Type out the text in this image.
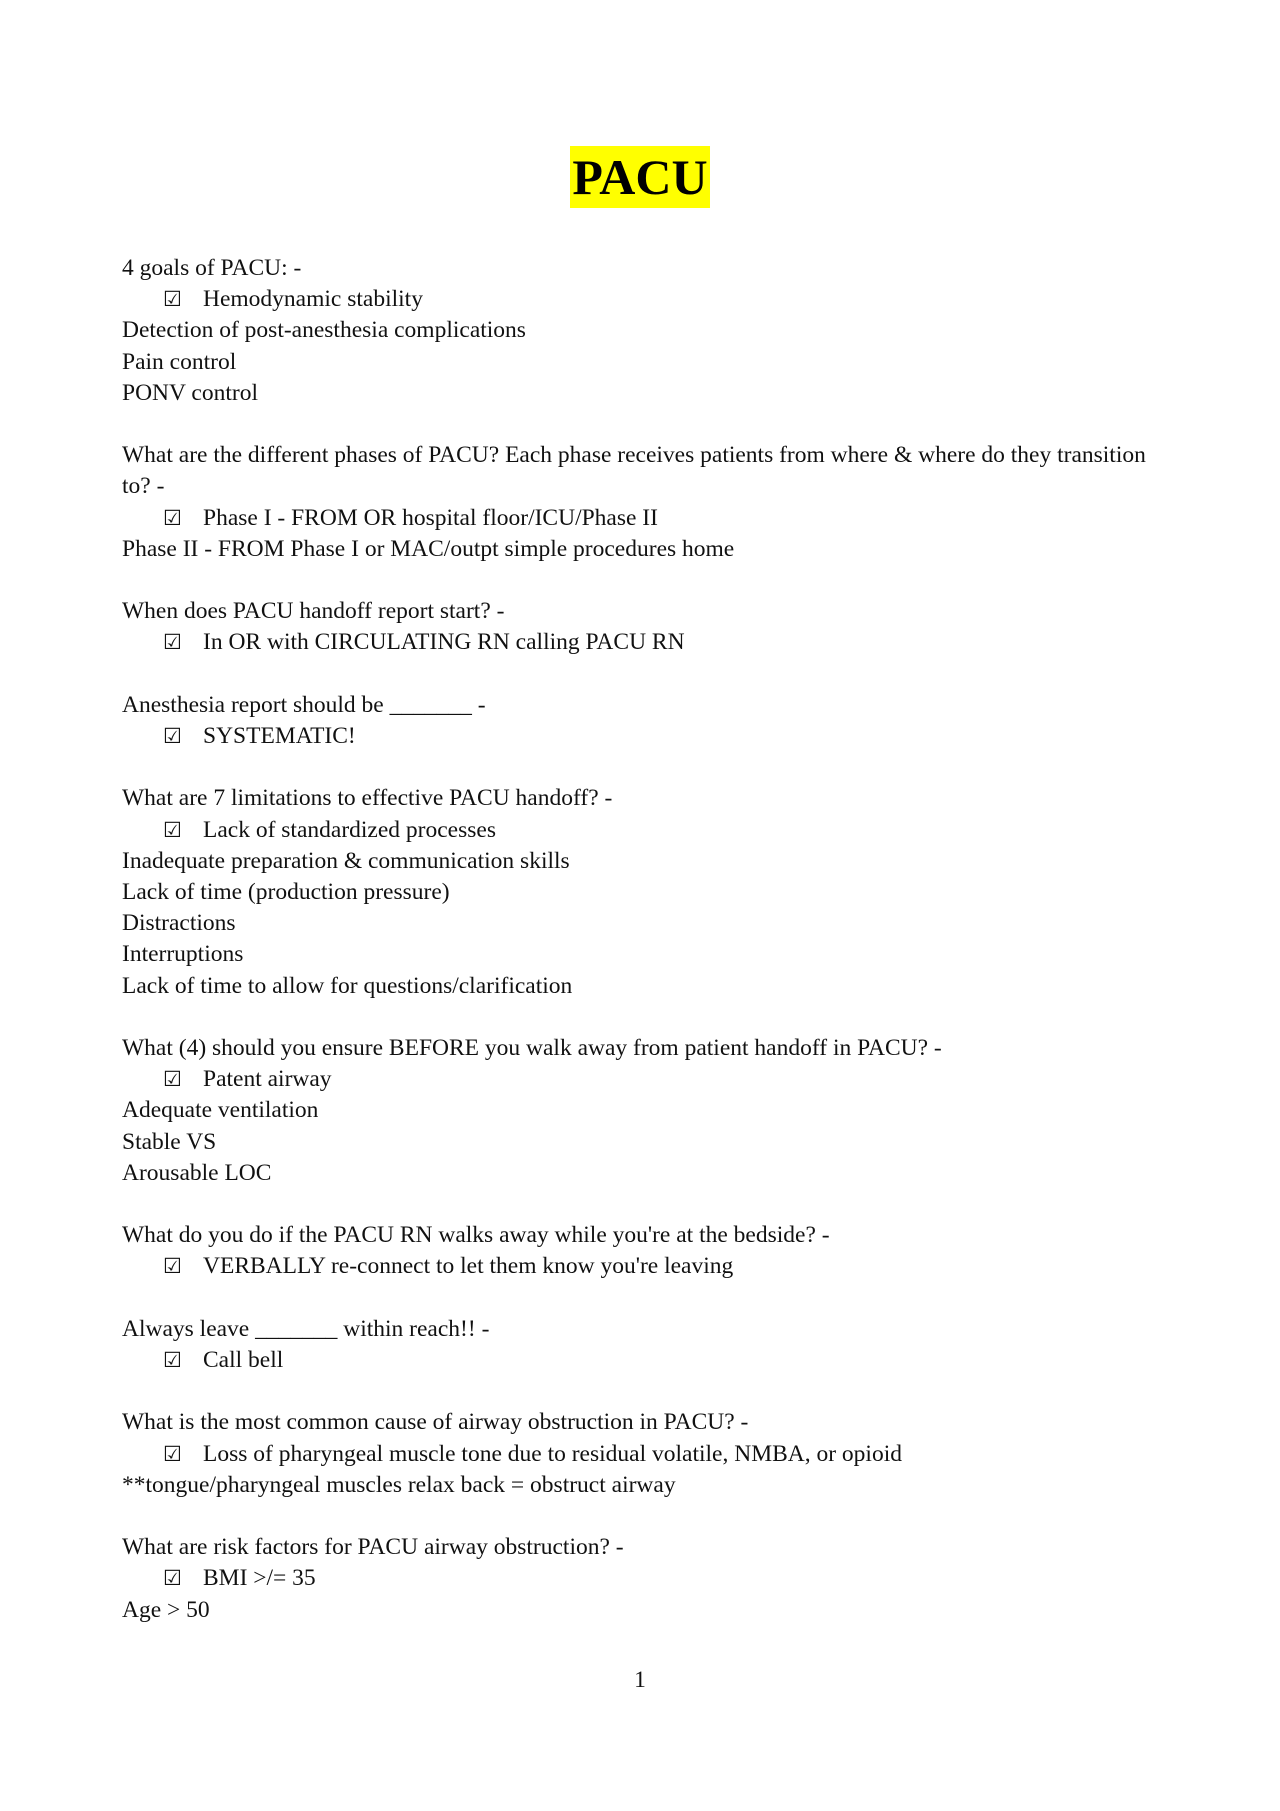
PACU
4 goals of PACU: -
☑ Hemodynamic stability
Detection of post-anesthesia complications
Pain control
PONV control
What are the different phases of PACU? Each phase receives patients from where & where do they transition to? -
☑ Phase I - FROM OR hospital floor/ICU/Phase II
Phase II - FROM Phase I or MAC/outpt simple procedures home
When does PACU handoff report start? -
☑ In OR with CIRCULATING RN calling PACU RN
Anesthesia report should be _______ -
☑ SYSTEMATIC!
What are 7 limitations to effective PACU handoff? -
☑ Lack of standardized processes
Inadequate preparation & communication skills
Lack of time (production pressure)
Distractions
Interruptions
Lack of time to allow for questions/clarification
What (4) should you ensure BEFORE you walk away from patient handoff in PACU? -
☑ Patent airway
Adequate ventilation
Stable VS
Arousable LOC
What do you do if the PACU RN walks away while you're at the bedside? -
☑ VERBALLY re-connect to let them know you're leaving
Always leave _______ within reach!! -
☑ Call bell
What is the most common cause of airway obstruction in PACU? -
☑ Loss of pharyngeal muscle tone due to residual volatile, NMBA, or opioid
**tongue/pharyngeal muscles relax back = obstruct airway
What are risk factors for PACU airway obstruction? -
☑ BMI >/= 35
Age > 50
1
